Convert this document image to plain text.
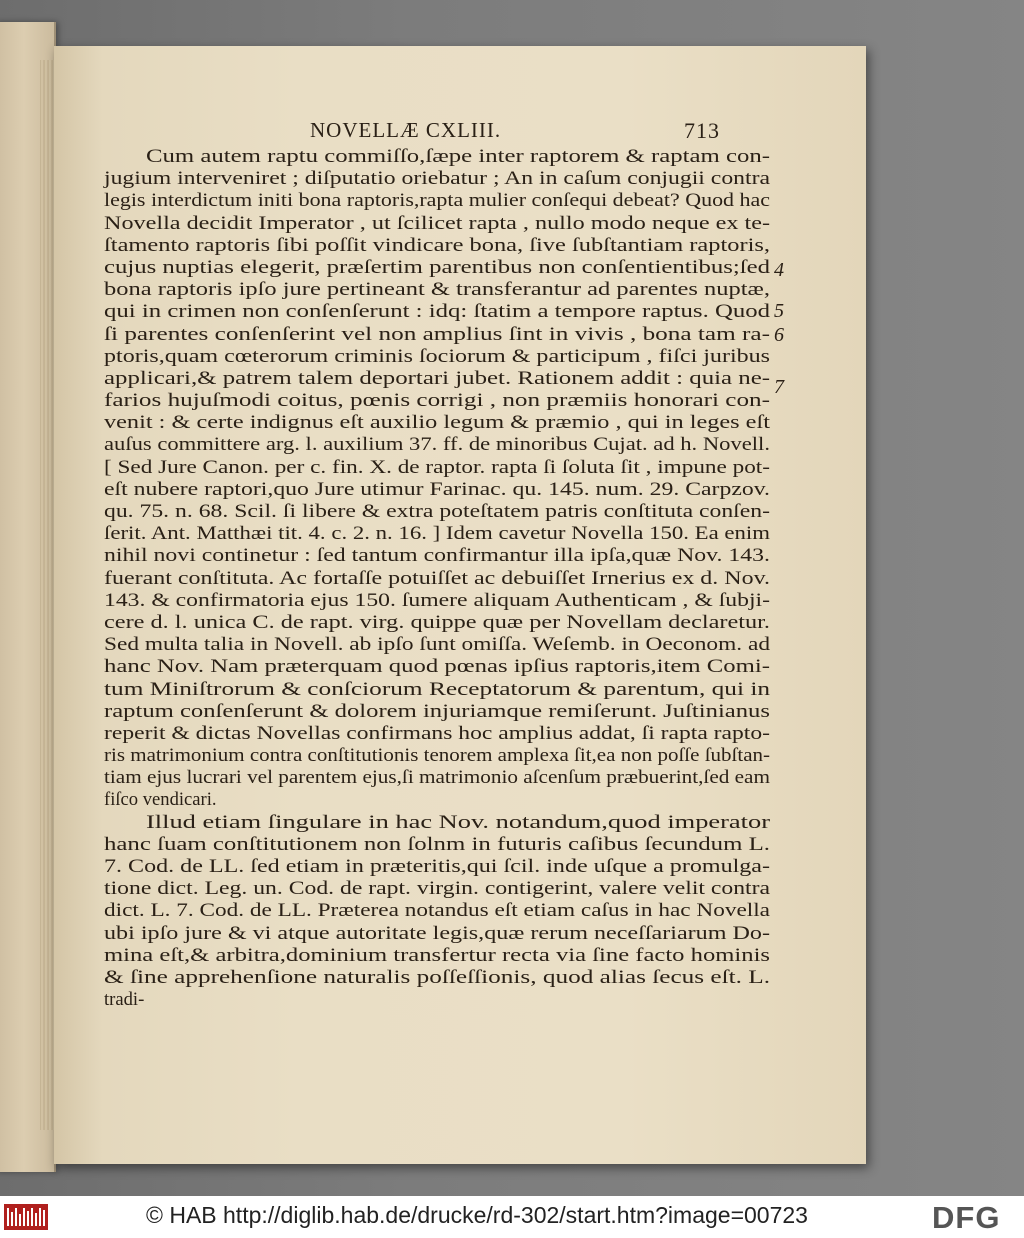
NOVELLÆ CXLIII.	713
Cum autem raptu commiſſo,ſæpe inter raptorem & raptam con-
jugium interveniret ; diſputatio oriebatur ; An in caſum conjugii contra
legis interdictum initi bona raptoris,rapta mulier conſequi debeat? Quod hac
Novella decidit Imperator , ut ſcilicet rapta , nullo modo neque ex te-
ſtamento raptoris ſibi poſſit vindicare bona, ſive ſubſtantiam raptoris,
cujus nuptias elegerit, præſertim parentibus non conſentientibus;ſed
bona raptoris ipſo jure pertineant & transferantur ad parentes nuptæ,
qui in crimen non conſenſerunt : idq: ſtatim a tempore raptus. Quod
ſi parentes conſenſerint vel non amplius ſint in vivis , bona tam ra-
ptoris,quam cœterorum criminis ſociorum & participum , fiſci juribus
applicari,& patrem talem deportari jubet. Rationem addit : quia ne-
farios hujuſmodi coitus, pœnis corrigi , non præmiis honorari con-
venit : & certe indignus eſt auxilio legum & præmio , qui in leges eſt
auſus committere arg. l. auxilium 37. ff. de minoribus Cujat. ad h. Novell.
[ Sed Jure Canon. per c. fin. X. de raptor. rapta ſi ſoluta ſit , impune pot-
eſt nubere raptori,quo Jure utimur Farinac. qu. 145. num. 29. Carpzov.
qu. 75. n. 68. Scil. ſi libere & extra poteſtatem patris conſtituta conſen-
ſerit. Ant. Matthæi tit. 4. c. 2. n. 16. ] Idem cavetur Novella 150. Ea enim
nihil novi continetur : ſed tantum confirmantur illa ipſa,quæ Nov. 143.
fuerant conſtituta. Ac fortaſſe potuiſſet ac debuiſſet Irnerius ex d. Nov.
143. & confirmatoria ejus 150. ſumere aliquam Authenticam , & ſubji-
cere d. l. unica C. de rapt. virg. quippe quæ per Novellam declaretur.
Sed multa talia in Novell. ab ipſo ſunt omiſſa. Weſemb. in Oeconom. ad
hanc Nov. Nam præterquam quod pœnas ipſius raptoris,item Comi-
tum Miniſtrorum & conſciorum Receptatorum & parentum, qui in
raptum conſenſerunt & dolorem injuriamque remiſerunt. Juſtinianus
reperit & dictas Novellas confirmans hoc amplius addat, ſi rapta rapto-
ris matrimonium contra conſtitutionis tenorem amplexa ſit,ea non poſſe ſubſtan-
tiam ejus lucrari vel parentem ejus,ſi matrimonio aſcenſum præbuerint,ſed eam
fiſco vendicari.
Illud etiam ſingulare in hac Nov. notandum,quod imperator
hanc ſuam conſtitutionem non ſolnm in futuris caſibus ſecundum L.
7. Cod. de LL. ſed etiam in præteritis,qui ſcil. inde uſque a promulga-
tione dict. Leg. un. Cod. de rapt. virgin. contigerint, valere velit contra
dict. L. 7. Cod. de LL. Præterea notandus eſt etiam caſus in hac Novella
ubi ipſo jure & vi atque autoritate legis,quæ rerum neceſſariarum Do-
mina eſt,& arbitra,dominium transfertur recta via ſine facto hominis
& ſine apprehenſione naturalis poſſeſſionis, quod alias ſecus eſt. L.
tradi-
4
5
6
7
© HAB http://diglib.hab.de/drucke/rd-302/start.htm?image=00723	DFG
